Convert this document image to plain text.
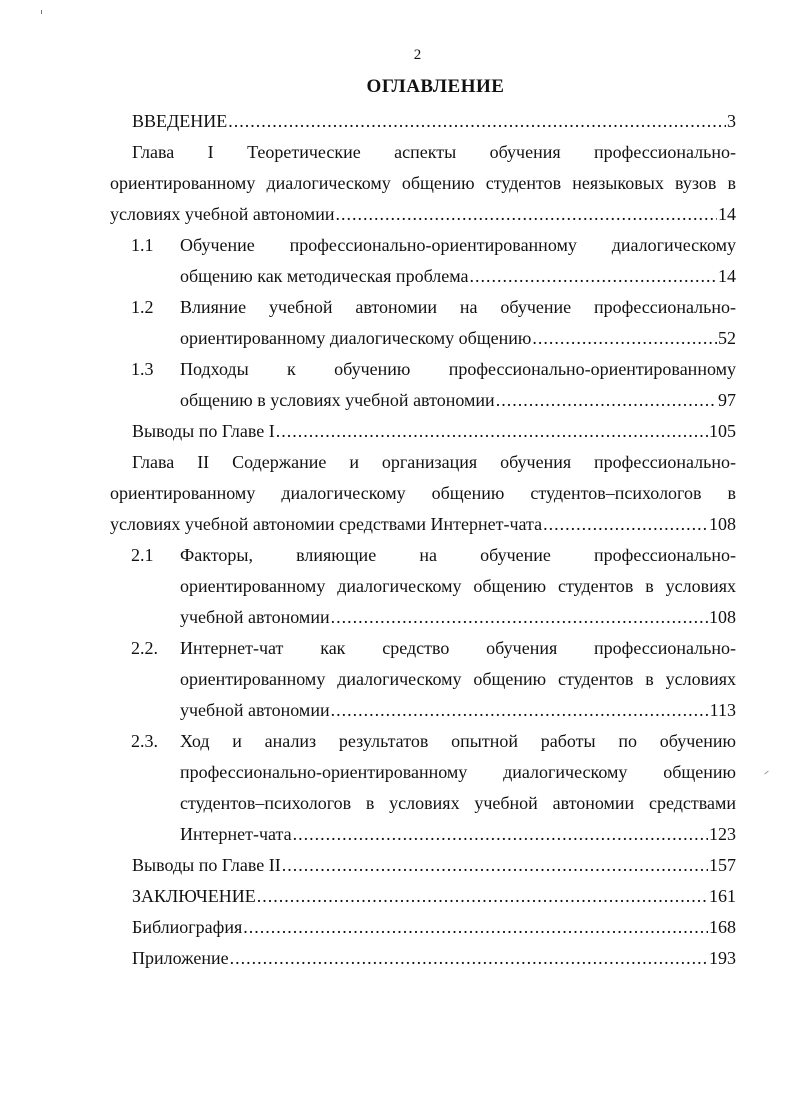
2
ОГЛАВЛЕНИЕ
ВВЕДЕНИЕ .....	3
Глава I Теоретические аспекты обучения профессионально-
ориентированному диалогическому общению студентов неязыковых вузов в
условиях учебной автономии .....	14
1.1	Обучение профессионально-ориентированному диалогическому
общению как методическая проблема .....	14
1.2	Влияние учебной автономии на обучение профессионально-
ориентированному диалогическому общению .....	52
1.3	Подходы к обучению профессионально-ориентированному
общению в условиях учебной автономии .....	97
Выводы по Главе I .....	105
Глава II Содержание и организация обучения профессионально-
ориентированному диалогическому общению студентов–психологов в
условиях учебной автономии средствами Интернет-чата .....	108
2.1	Факторы, влияющие на обучение профессионально-
ориентированному диалогическому общению студентов в условиях
учебной автономии .....	108
2.2.	Интернет-чат как средство обучения профессионально-
ориентированному диалогическому общению студентов в условиях
учебной автономии .....	113
2.3.	Ход и анализ результатов опытной работы по обучению
профессионально-ориентированному диалогическому общению
студентов–психологов в условиях учебной автономии средствами
Интернет-чата .....	123
Выводы по Главе II .....	157
ЗАКЛЮЧЕНИЕ .....	161
Библиография .....	168
Приложение .....	193
